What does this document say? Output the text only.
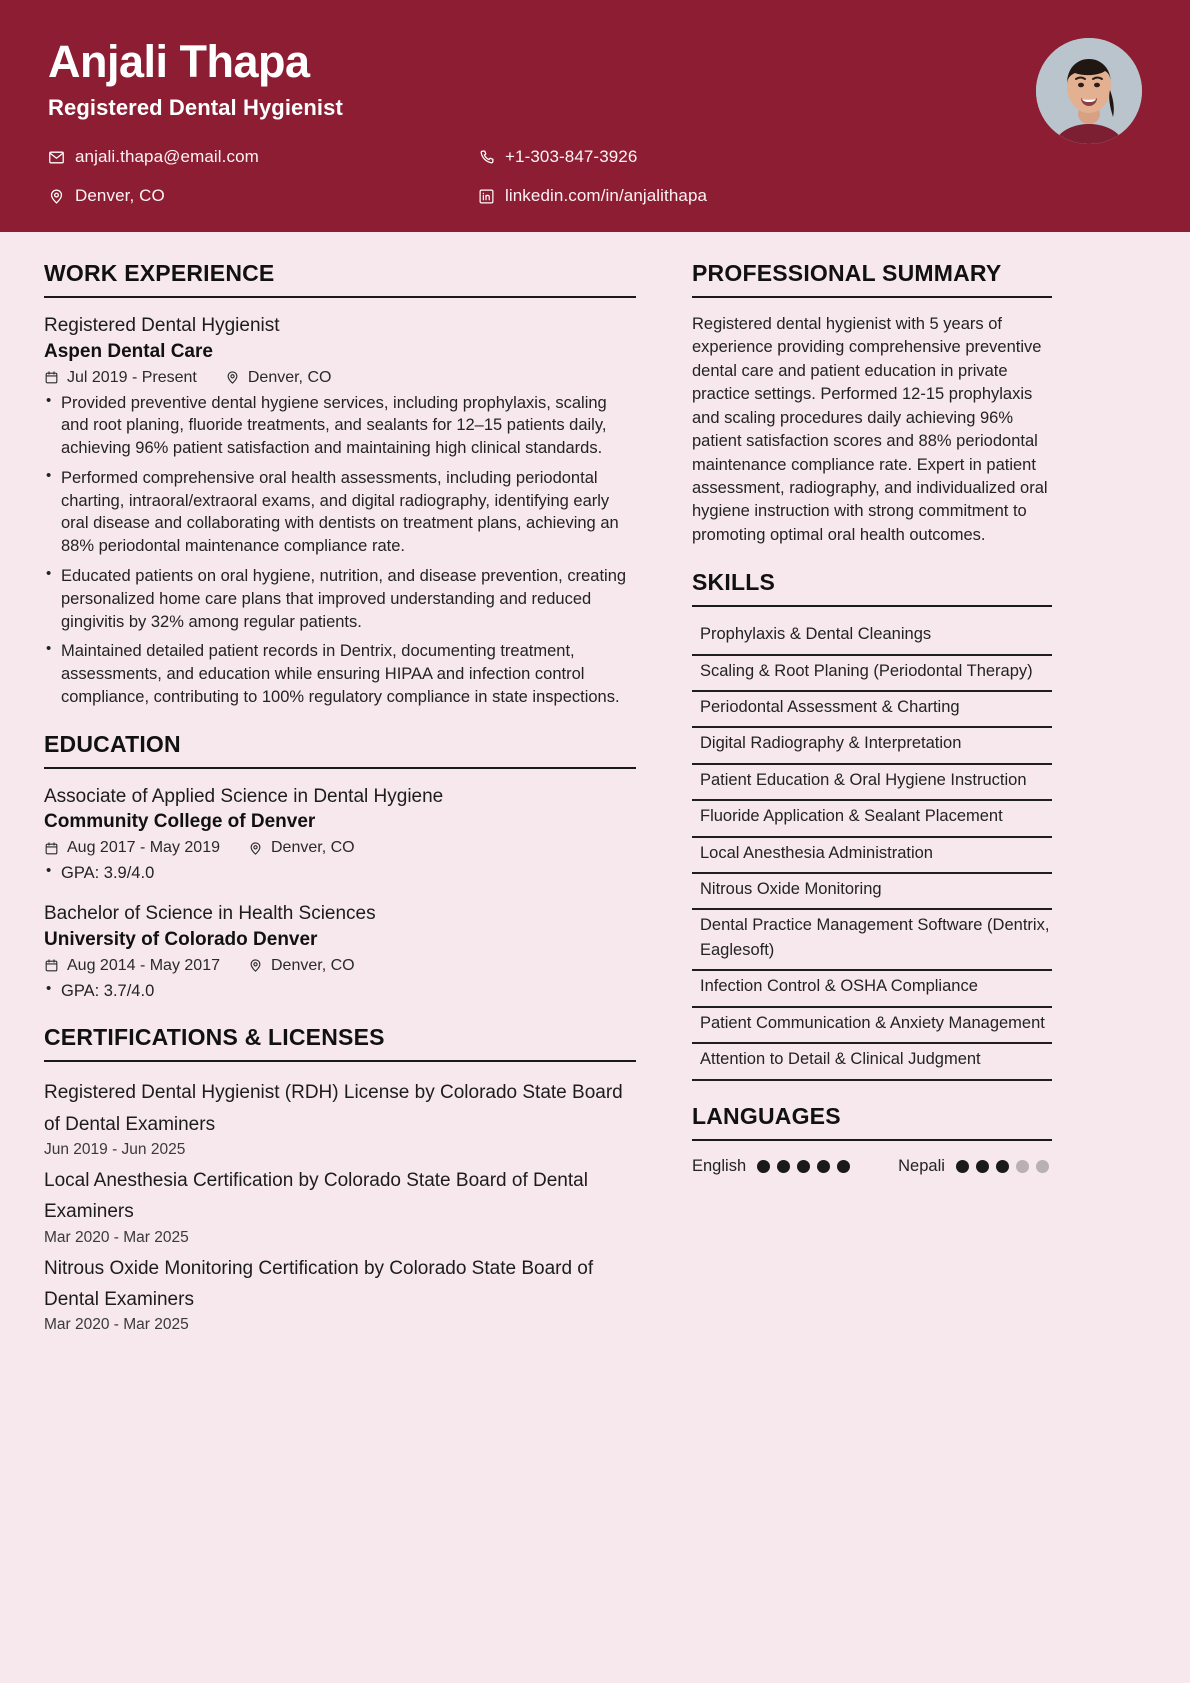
Anjali Thapa
Registered Dental Hygienist
anjali.thapa@email.com	+1-303-847-3926
Denver, CO	linkedin.com/in/anjalithapa
WORK EXPERIENCE
Registered Dental Hygienist
Aspen Dental Care
Jul 2019 - Present	Denver, CO
• Provided preventive dental hygiene services, including prophylaxis, scaling and root planing, fluoride treatments, and sealants for 12–15 patients daily, achieving 96% patient satisfaction and maintaining high clinical standards.
• Performed comprehensive oral health assessments, including periodontal charting, intraoral/extraoral exams, and digital radiography, identifying early oral disease and collaborating with dentists on treatment plans, achieving an 88% periodontal maintenance compliance rate.
• Educated patients on oral hygiene, nutrition, and disease prevention, creating personalized home care plans that improved understanding and reduced gingivitis by 32% among regular patients.
• Maintained detailed patient records in Dentrix, documenting treatment, assessments, and education while ensuring HIPAA and infection control compliance, contributing to 100% regulatory compliance in state inspections.
EDUCATION
Associate of Applied Science in Dental Hygiene
Community College of Denver
Aug 2017 - May 2019	Denver, CO
• GPA: 3.9/4.0
Bachelor of Science in Health Sciences
University of Colorado Denver
Aug 2014 - May 2017	Denver, CO
• GPA: 3.7/4.0
CERTIFICATIONS & LICENSES
Registered Dental Hygienist (RDH) License by Colorado State Board of Dental Examiners
Jun 2019 - Jun 2025
Local Anesthesia Certification by Colorado State Board of Dental Examiners
Mar 2020 - Mar 2025
Nitrous Oxide Monitoring Certification by Colorado State Board of Dental Examiners
Mar 2020 - Mar 2025
PROFESSIONAL SUMMARY
Registered dental hygienist with 5 years of experience providing comprehensive preventive dental care and patient education in private practice settings. Performed 12-15 prophylaxis and scaling procedures daily achieving 96% patient satisfaction scores and 88% periodontal maintenance compliance rate. Expert in patient assessment, radiography, and individualized oral hygiene instruction with strong commitment to promoting optimal oral health outcomes.
SKILLS
Prophylaxis & Dental Cleanings
Scaling & Root Planing (Periodontal Therapy)
Periodontal Assessment & Charting
Digital Radiography & Interpretation
Patient Education & Oral Hygiene Instruction
Fluoride Application & Sealant Placement
Local Anesthesia Administration
Nitrous Oxide Monitoring
Dental Practice Management Software (Dentrix, Eaglesoft)
Infection Control & OSHA Compliance
Patient Communication & Anxiety Management
Attention to Detail & Clinical Judgment
LANGUAGES
English	Nepali
